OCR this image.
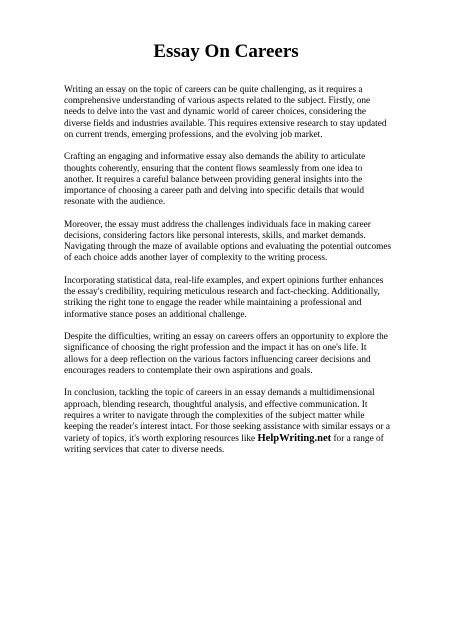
Essay On Careers

Writing an essay on the topic of careers can be quite challenging, as it requires a comprehensive understanding of various aspects related to the subject. Firstly, one needs to delve into the vast and dynamic world of career choices, considering the diverse fields and industries available. This requires extensive research to stay updated on current trends, emerging professions, and the evolving job market.

Crafting an engaging and informative essay also demands the ability to articulate thoughts coherently, ensuring that the content flows seamlessly from one idea to another. It requires a careful balance between providing general insights into the importance of choosing a career path and delving into specific details that would resonate with the audience.

Moreover, the essay must address the challenges individuals face in making career decisions, considering factors like personal interests, skills, and market demands. Navigating through the maze of available options and evaluating the potential outcomes of each choice adds another layer of complexity to the writing process.

Incorporating statistical data, real-life examples, and expert opinions further enhances the essay's credibility, requiring meticulous research and fact-checking. Additionally, striking the right tone to engage the reader while maintaining a professional and informative stance poses an additional challenge.

Despite the difficulties, writing an essay on careers offers an opportunity to explore the significance of choosing the right profession and the impact it has on one's life. It allows for a deep reflection on the various factors influencing career decisions and encourages readers to contemplate their own aspirations and goals.

In conclusion, tackling the topic of careers in an essay demands a multidimensional approach, blending research, thoughtful analysis, and effective communication. It requires a writer to navigate through the complexities of the subject matter while keeping the reader's interest intact. For those seeking assistance with similar essays or a variety of topics, it's worth exploring resources like HelpWriting.net for a range of writing services that cater to diverse needs.
